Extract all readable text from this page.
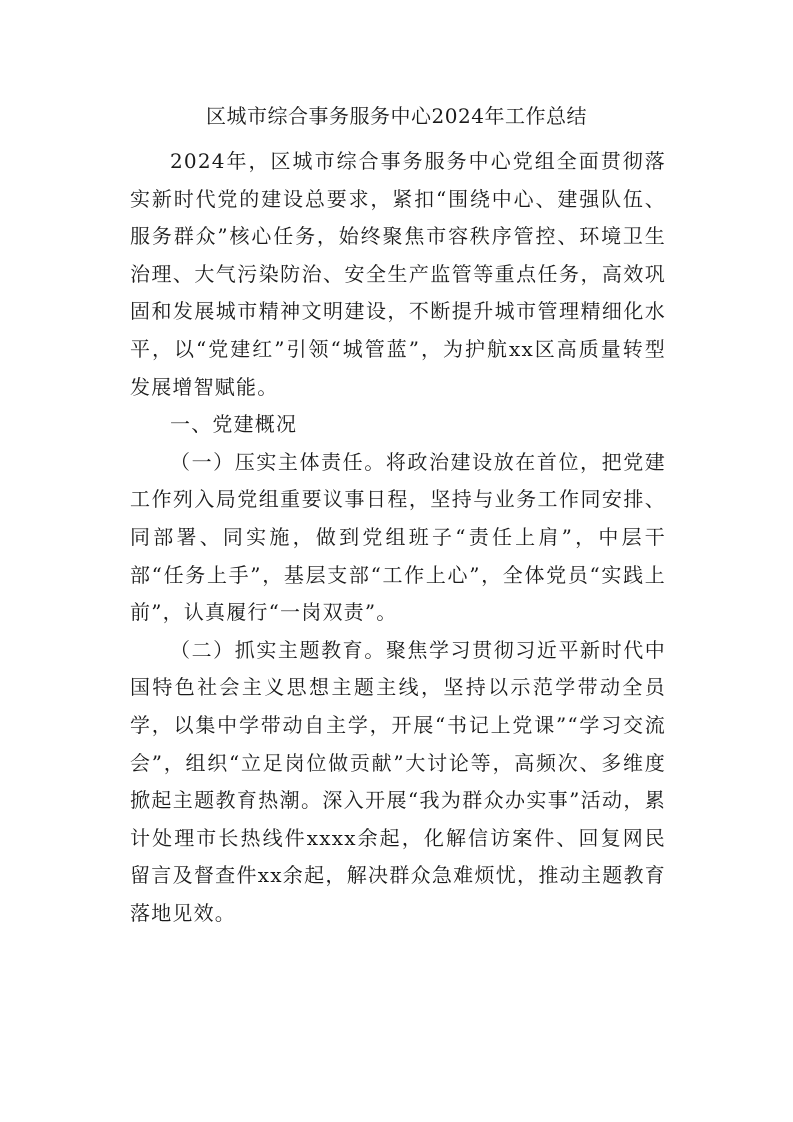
区城市综合事务服务中心2024年工作总结

2024年，区城市综合事务服务中心党组全面贯彻落实新时代党的建设总要求，紧扣“围绕中心、建强队伍、服务群众”核心任务，始终聚焦市容秩序管控、环境卫生治理、大气污染防治、安全生产监管等重点任务，高效巩固和发展城市精神文明建设，不断提升城市管理精细化水平，以“党建红”引领“城管蓝”，为护航xx区高质量转型发展增智赋能。

一、党建概况

（一）压实主体责任。将政治建设放在首位，把党建工作列入局党组重要议事日程，坚持与业务工作同安排、同部署、同实施，做到党组班子“责任上肩”，中层干部“任务上手”，基层支部“工作上心”，全体党员“实践上前”，认真履行“一岗双责”。

（二）抓实主题教育。聚焦学习贯彻习近平新时代中国特色社会主义思想主题主线，坚持以示范学带动全员学，以集中学带动自主学，开展“书记上党课”“学习交流会”，组织“立足岗位做贡献”大讨论等，高频次、多维度掀起主题教育热潮。深入开展“我为群众办实事”活动，累计处理市长热线件xxxx余起，化解信访案件、回复网民留言及督查件xx余起，解决群众急难烦忧，推动主题教育落地见效。
